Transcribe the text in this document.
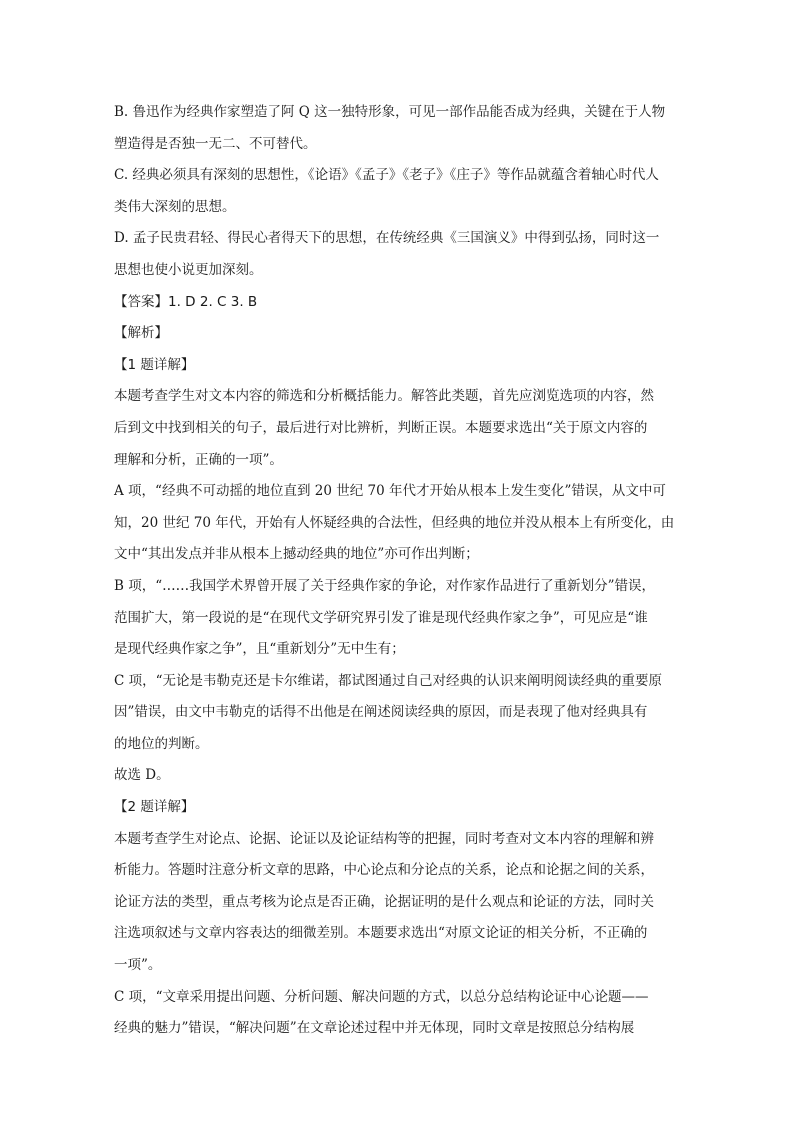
B. 鲁迅作为经典作家塑造了阿 Q 这一独特形象，可见一部作品能否成为经典，关键在于人物

塑造得是否独一无二、不可替代。

C. 经典必须具有深刻的思想性，《论语》《孟子》《老子》《庄子》等作品就蕴含着轴心时代人

类伟大深刻的思想。

D. 孟子民贵君轻、得民心者得天下的思想，在传统经典《三国演义》中得到弘扬，同时这一

思想也使小说更加深刻。

【答案】1. D 2. C 3. B

【解析】

【1 题详解】

本题考查学生对文本内容的筛选和分析概括能力。解答此类题，首先应浏览选项的内容，然

后到文中找到相关的句子，最后进行对比辨析，判断正误。本题要求选出“关于原文内容的

理解和分析，正确的一项”。

A 项，“经典不可动摇的地位直到 20 世纪 70 年代才开始从根本上发生变化”错误，从文中可

知，20 世纪 70 年代，开始有人怀疑经典的合法性，但经典的地位并没从根本上有所变化，由

文中“其出发点并非从根本上撼动经典的地位”亦可作出判断；

B 项，“……我国学术界曾开展了关于经典作家的争论，对作家作品进行了重新划分”错误，

范围扩大，第一段说的是“在现代文学研究界引发了谁是现代经典作家之争”，可见应是“谁

是现代经典作家之争”，且“重新划分”无中生有；

C 项，“无论是韦勒克还是卡尔维诺，都试图通过自己对经典的认识来阐明阅读经典的重要原

因”错误，由文中韦勒克的话得不出他是在阐述阅读经典的原因，而是表现了他对经典具有

的地位的判断。

故选 D。

【2 题详解】

本题考查学生对论点、论据、论证以及论证结构等的把握，同时考查对文本内容的理解和辨

析能力。答题时注意分析文章的思路，中心论点和分论点的关系，论点和论据之间的关系，

论证方法的类型，重点考核为论点是否正确，论据证明的是什么观点和论证的方法，同时关

注选项叙述与文章内容表达的细微差别。本题要求选出“对原文论证的相关分析，不正确的

一项”。

C 项，“文章采用提出问题、分析问题、解决问题的方式，以总分总结构论证中心论题——

经典的魅力”错误，“解决问题”在文章论述过程中并无体现，同时文章是按照总分结构展
